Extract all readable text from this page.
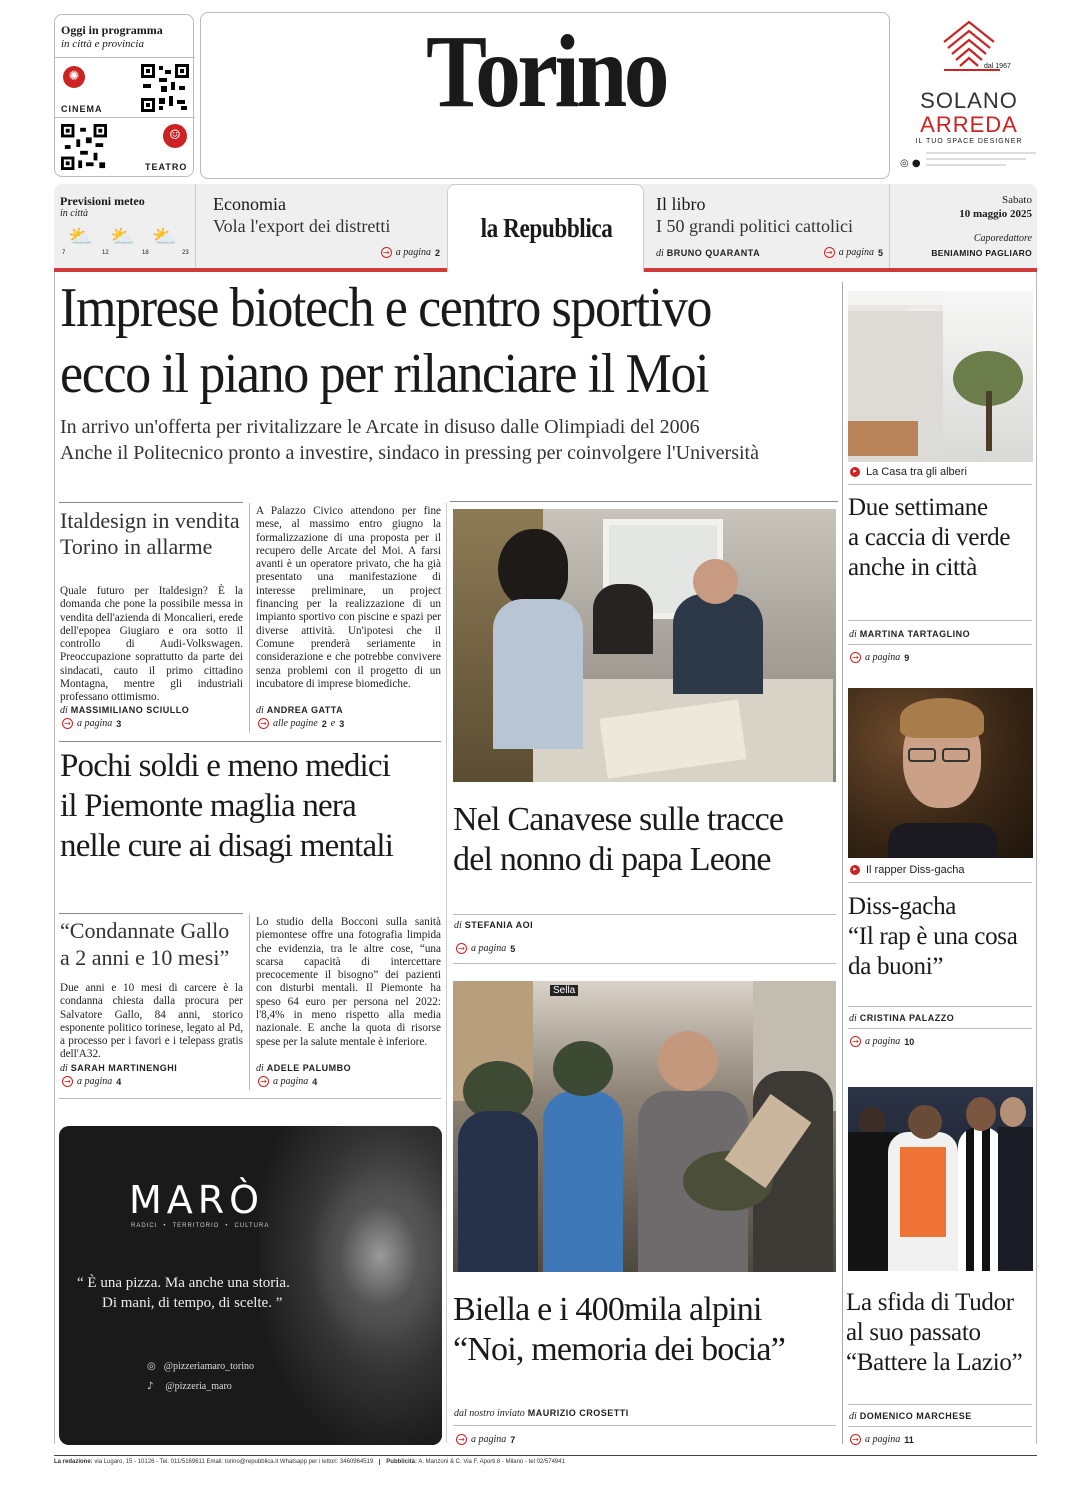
Oggi in programma
in città e provincia
✺
CINEMA
☺
TEATRO
Torino	dal 1967
SOLANO
ARREDA
IL TUO SPACE DESIGNER
◎ ●
Previsioni meteo
in città
⛅ ⛅ ⛅
7	12	18	23
Economia
Vola l'export dei distretti
→ a pagina 2
la Repubblica
Il libro
I 50 grandi politici cattolici
di BRUNO QUARANTA	→ a pagina 5
Sabato
10 maggio 2025
Caporedattore
BENIAMINO PAGLIARO
Imprese biotech e centro sportivo
ecco il piano per rilanciare il Moi
In arrivo un'offerta per rivitalizzare le Arcate in disuso dalle Olimpiadi del 2006
Anche il Politecnico pronto a investire, sindaco in pressing per coinvolgere l'Università
Italdesign in vendita
Torino in allarme
Quale futuro per Italdesign? È la domanda che pone la possibile messa in vendita dell'azienda di Moncalieri, erede dell'epopea Giugiaro e ora sotto il controllo di Audi-Volkswagen. Preoccupazione soprattutto da parte dei sindacati, cauto il primo cittadino Montagna, mentre gli industriali professano ottimismo.
di MASSIMILIANO SCIULLO
→ a pagina 3
A Palazzo Civico attendono per fine mese, al massimo entro giugno la formalizzazione di una proposta per il recupero delle Arcate del Moi. A farsi avanti è un operatore privato, che ha già presentato una manifestazione di interesse preliminare, un project financing per la realizzazione di un impianto sportivo con piscine e spazi per diverse attività. Un'ipotesi che il Comune prenderà seriamente in considerazione e che potrebbe convivere senza problemi con il progetto di un incubatore di imprese biomediche.
di ANDREA GATTA
→ alle pagine 2 e 3
Pochi soldi e meno medici
il Piemonte maglia nera
nelle cure ai disagi mentali
“Condannate Gallo
a 2 anni e 10 mesi”
Due anni e 10 mesi di carcere è la condanna chiesta dalla procura per Salvatore Gallo, 84 anni, storico esponente politico torinese, legato al Pd, a processo per i favori e i telepass gratis dell'A32.
di SARAH MARTINENGHI
→ a pagina 4
Lo studio della Bocconi sulla sanità piemontese offre una fotografia limpida che evidenzia, tra le altre cose, “una scarsa capacità di intercettare precocemente il bisogno” dei pazienti con disturbi mentali. Il Piemonte ha speso 64 euro per persona nel 2022: l'8,4% in meno rispetto alla media nazionale. E anche la quota di risorse spese per la salute mentale è inferiore.
di ADELE PALUMBO
→ a pagina 4
MARÒ
RADICI • TERRITORIO • CULTURA
“ È una pizza. Ma anche una storia.
Di mani, di tempo, di scelte. ”
◎ @pizzeriamaro_torino
♪ @pizzeria_maro
Nel Canavese sulle tracce
del nonno di papa Leone
di STEFANIA AOI
→ a pagina 5
Sella
Biella e i 400mila alpini
“Noi, memoria dei bocia”
dal nostro inviato MAURIZIO CROSETTI
→ a pagina 7
▸ La Casa tra gli alberi
Due settimane
a caccia di verde
anche in città
di MARTINA TARTAGLINO
→ a pagina 9
▸ Il rapper Diss-gacha
Diss-gacha
“Il rap è una cosa
da buoni”
di CRISTINA PALAZZO
→ a pagina 10
La sfida di Tudor
al suo passato
“Battere la Lazio”
di DOMENICO MARCHESE
→ a pagina 11
La redazione: via Lugaro, 15 - 10126 - Tel. 011/5169611 Email: torino@repubblica.it Whatsapp per i lettori: 3460964519	Pubblicità: A. Manzoni & C. Via F. Aporti 8 - Milano - tel 02/574941
